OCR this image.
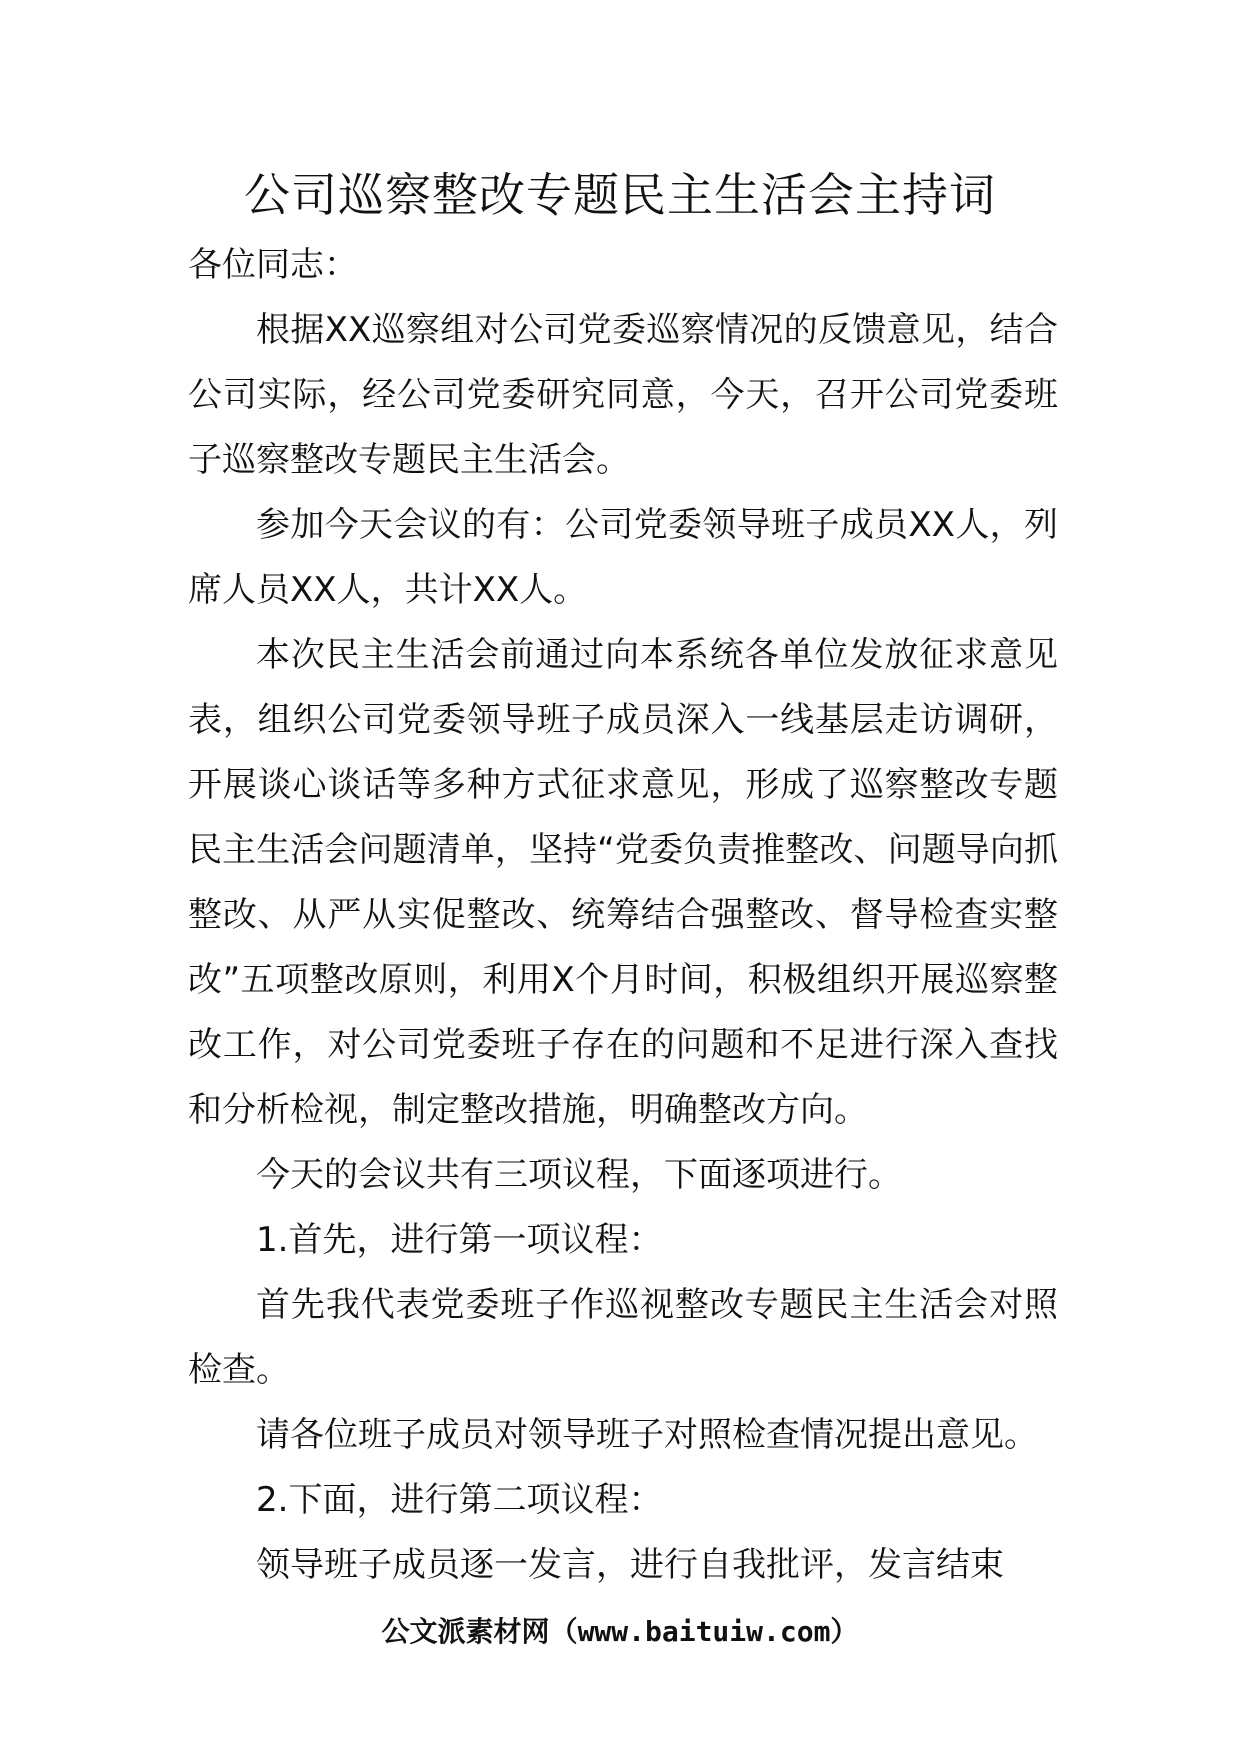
公司巡察整改专题民主生活会主持词

各位同志：

根据XX巡察组对公司党委巡察情况的反馈意见，结合公司实际，经公司党委研究同意，今天，召开公司党委班子巡察整改专题民主生活会。

参加今天会议的有：公司党委领导班子成员XX人，列席人员XX人，共计XX人。

本次民主生活会前通过向本系统各单位发放征求意见表，组织公司党委领导班子成员深入一线基层走访调研，开展谈心谈话等多种方式征求意见，形成了巡察整改专题民主生活会问题清单，坚持“党委负责推整改、问题导向抓整改、从严从实促整改、统筹结合强整改、督导检查实整改”五项整改原则，利用X个月时间，积极组织开展巡察整改工作，对公司党委班子存在的问题和不足进行深入查找和分析检视，制定整改措施，明确整改方向。

今天的会议共有三项议程，下面逐项进行。

1.首先，进行第一项议程：

首先我代表党委班子作巡视整改专题民主生活会对照检查。

请各位班子成员对领导班子对照检查情况提出意见。

2.下面，进行第二项议程：

领导班子成员逐一发言，进行自我批评，发言结束

公文派素材网（www.baituiw.com）
